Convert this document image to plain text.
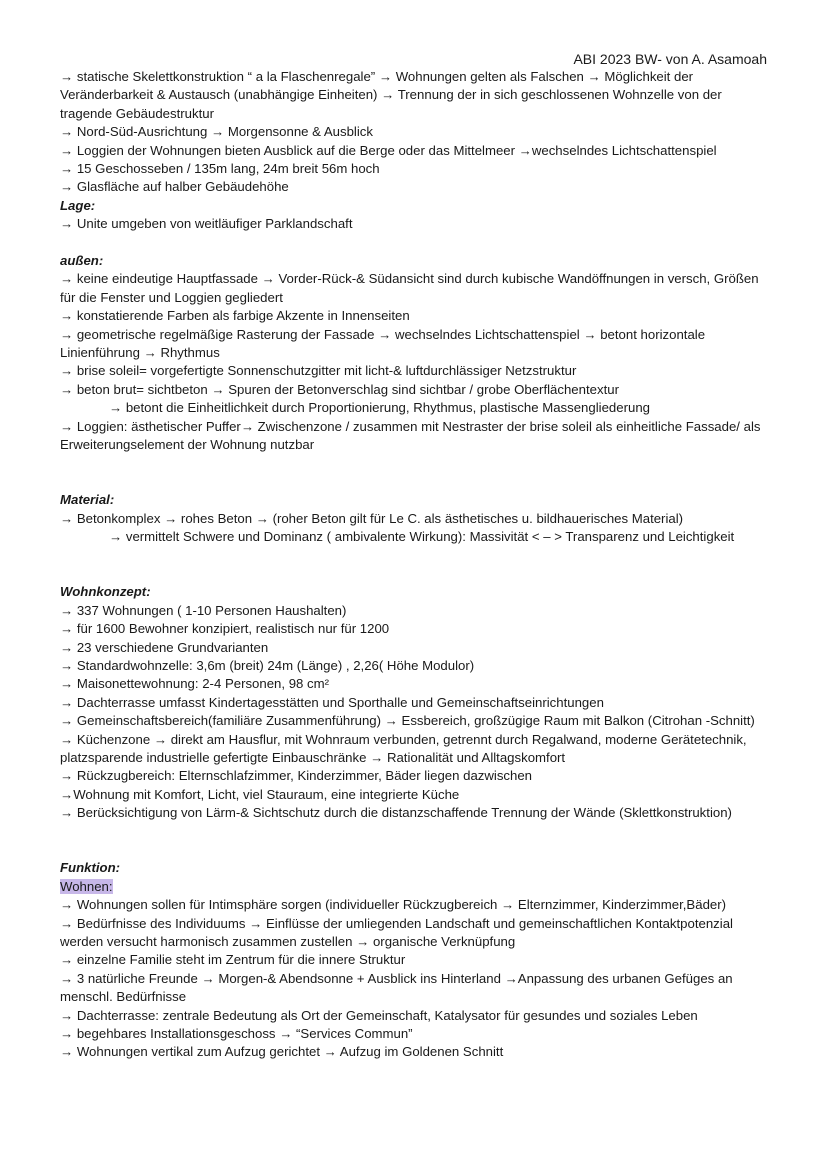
ABI 2023 BW- von A. Asamoah

→ statische Skelettkonstruktion “ a la Flaschenregale” → Wohnungen gelten als Falschen → Möglichkeit der Veränderbarkeit & Austausch (unabhängige Einheiten) → Trennung der in sich geschlossenen Wohnzelle von der tragende Gebäudestruktur

→ Nord-Süd-Ausrichtung → Morgensonne & Ausblick

→ Loggien der Wohnungen bieten Ausblick auf die Berge oder das Mittelmeer →wechselndes Lichtschattenspiel

→ 15 Geschosseben / 135m lang, 24m breit 56m hoch

→ Glasfläche auf halber Gebäudehöhe

Lage:

→ Unite umgeben von weitläufiger Parklandschaft

außen:

→ keine eindeutige Hauptfassade → Vorder-Rück-& Südansicht sind durch kubische Wandöffnungen in versch, Größen für die Fenster und Loggien gegliedert

→ konstatierende Farben als farbige Akzente in Innenseiten

→ geometrische regelmäßige Rasterung der Fassade → wechselndes Lichtschattenspiel → betont horizontale Linienführung → Rhythmus

→ brise soleil= vorgefertigte Sonnenschutzgitter mit licht-& luftdurchlässiger Netzstruktur

→ beton brut= sichtbeton → Spuren der Betonverschlag sind sichtbar / grobe Oberflächentextur

→ betont die Einheitlichkeit durch Proportionierung, Rhythmus, plastische Massengliederung

→ Loggien: ästhetischer Puffer→ Zwischenzone / zusammen mit Nestraster der brise soleil als einheitliche Fassade/ als Erweiterungselement der Wohnung nutzbar

Material:

→ Betonkomplex → rohes Beton → (roher Beton gilt für Le C. als ästhetisches u. bildhauerisches Material)

→ vermittelt Schwere und Dominanz ( ambivalente Wirkung): Massivität < – > Transparenz und Leichtigkeit

Wohnkonzept:

→ 337 Wohnungen ( 1-10 Personen Haushalten)

→ für 1600 Bewohner konzipiert, realistisch nur für 1200

→ 23 verschiedene Grundvarianten

→ Standardwohnzelle: 3,6m (breit) 24m (Länge) , 2,26( Höhe Modulor)

→ Maisonettewohnung: 2-4 Personen, 98 cm²

→ Dachterrasse umfasst Kindertagesstätten und Sporthalle und Gemeinschaftseinrichtungen

→ Gemeinschaftsbereich(familiäre Zusammenführung) → Essbereich, großzügige Raum mit Balkon (Citrohan -Schnitt)

→ Küchenzone → direkt am Hausflur, mit Wohnraum verbunden, getrennt durch Regalwand, moderne Gerätetechnik, platzsparende industrielle gefertigte Einbauschränke → Rationalität und Alltagskomfort

→ Rückzugbereich: Elternschlafzimmer, Kinderzimmer, Bäder liegen dazwischen

→Wohnung mit Komfort, Licht, viel Stauraum, eine integrierte Küche

→ Berücksichtigung von Lärm-& Sichtschutz durch die distanzschaffende Trennung der Wände (Sklettkonstruktion)

Funktion:

Wohnen:

→ Wohnungen sollen für Intimsphäre sorgen (individueller Rückzugbereich → Elternzimmer, Kinderzimmer,Bäder)

→ Bedürfnisse des Individuums → Einflüsse der umliegenden Landschaft und gemeinschaftlichen Kontaktpotenzial werden versucht harmonisch zusammen zustellen → organische Verknüpfung

→ einzelne Familie steht im Zentrum für die innere Struktur

→ 3 natürliche Freunde → Morgen-& Abendsonne + Ausblick ins Hinterland →Anpassung des urbanen Gefüges an menschl. Bedürfnisse

→ Dachterrasse: zentrale Bedeutung als Ort der Gemeinschaft, Katalysator für gesundes und soziales Leben

→ begehbares Installationsgeschoss → “Services Commun”

→ Wohnungen vertikal zum Aufzug gerichtet → Aufzug im Goldenen Schnitt
